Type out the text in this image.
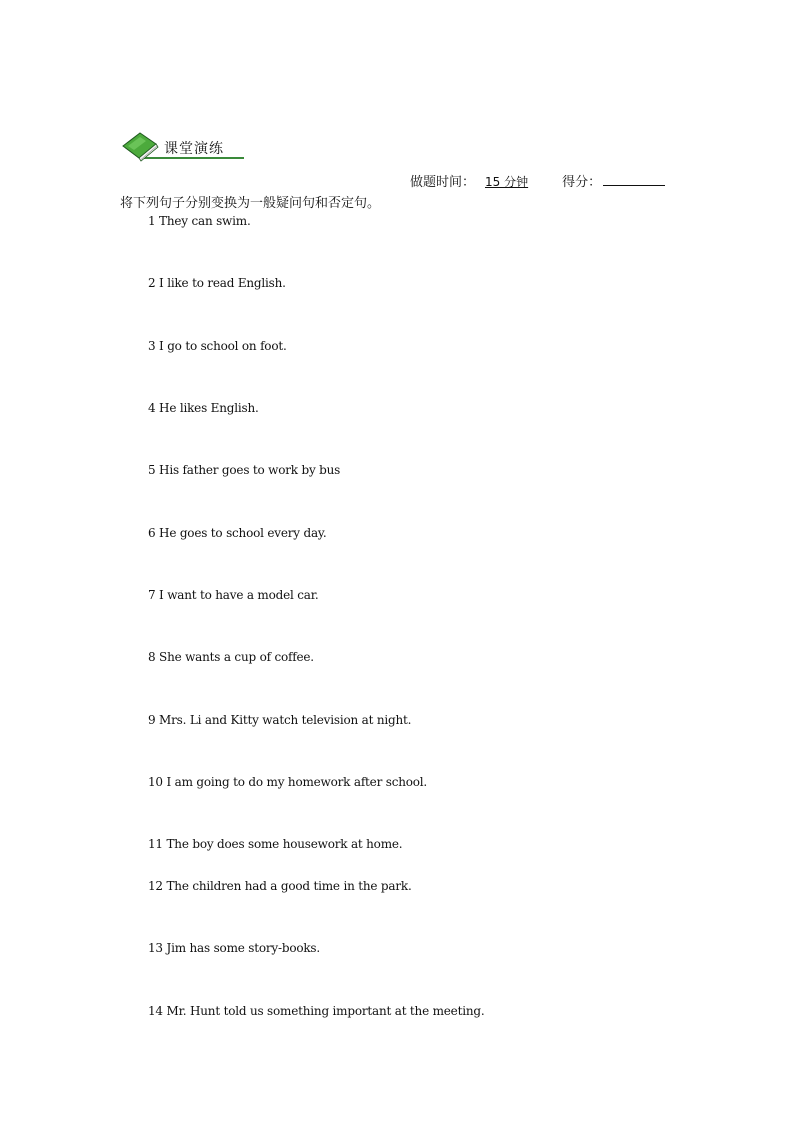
课堂演练
做题时间： 15 分钟	得分：
将下列句子分别变换为一般疑问句和否定句。
1 They can swim.
2 I like to read English.
3 I go to school on foot.
4 He likes English.
5 His father goes to work by bus
6 He goes to school every day.
7 I want to have a model car.
8 She wants a cup of coffee.
9 Mrs. Li and Kitty watch television at night.
10 I am going to do my homework after school.
11 The boy does some housework at home.
12 The children had a good time in the park.
13 Jim has some story-books.
14 Mr. Hunt told us something important at the meeting.
